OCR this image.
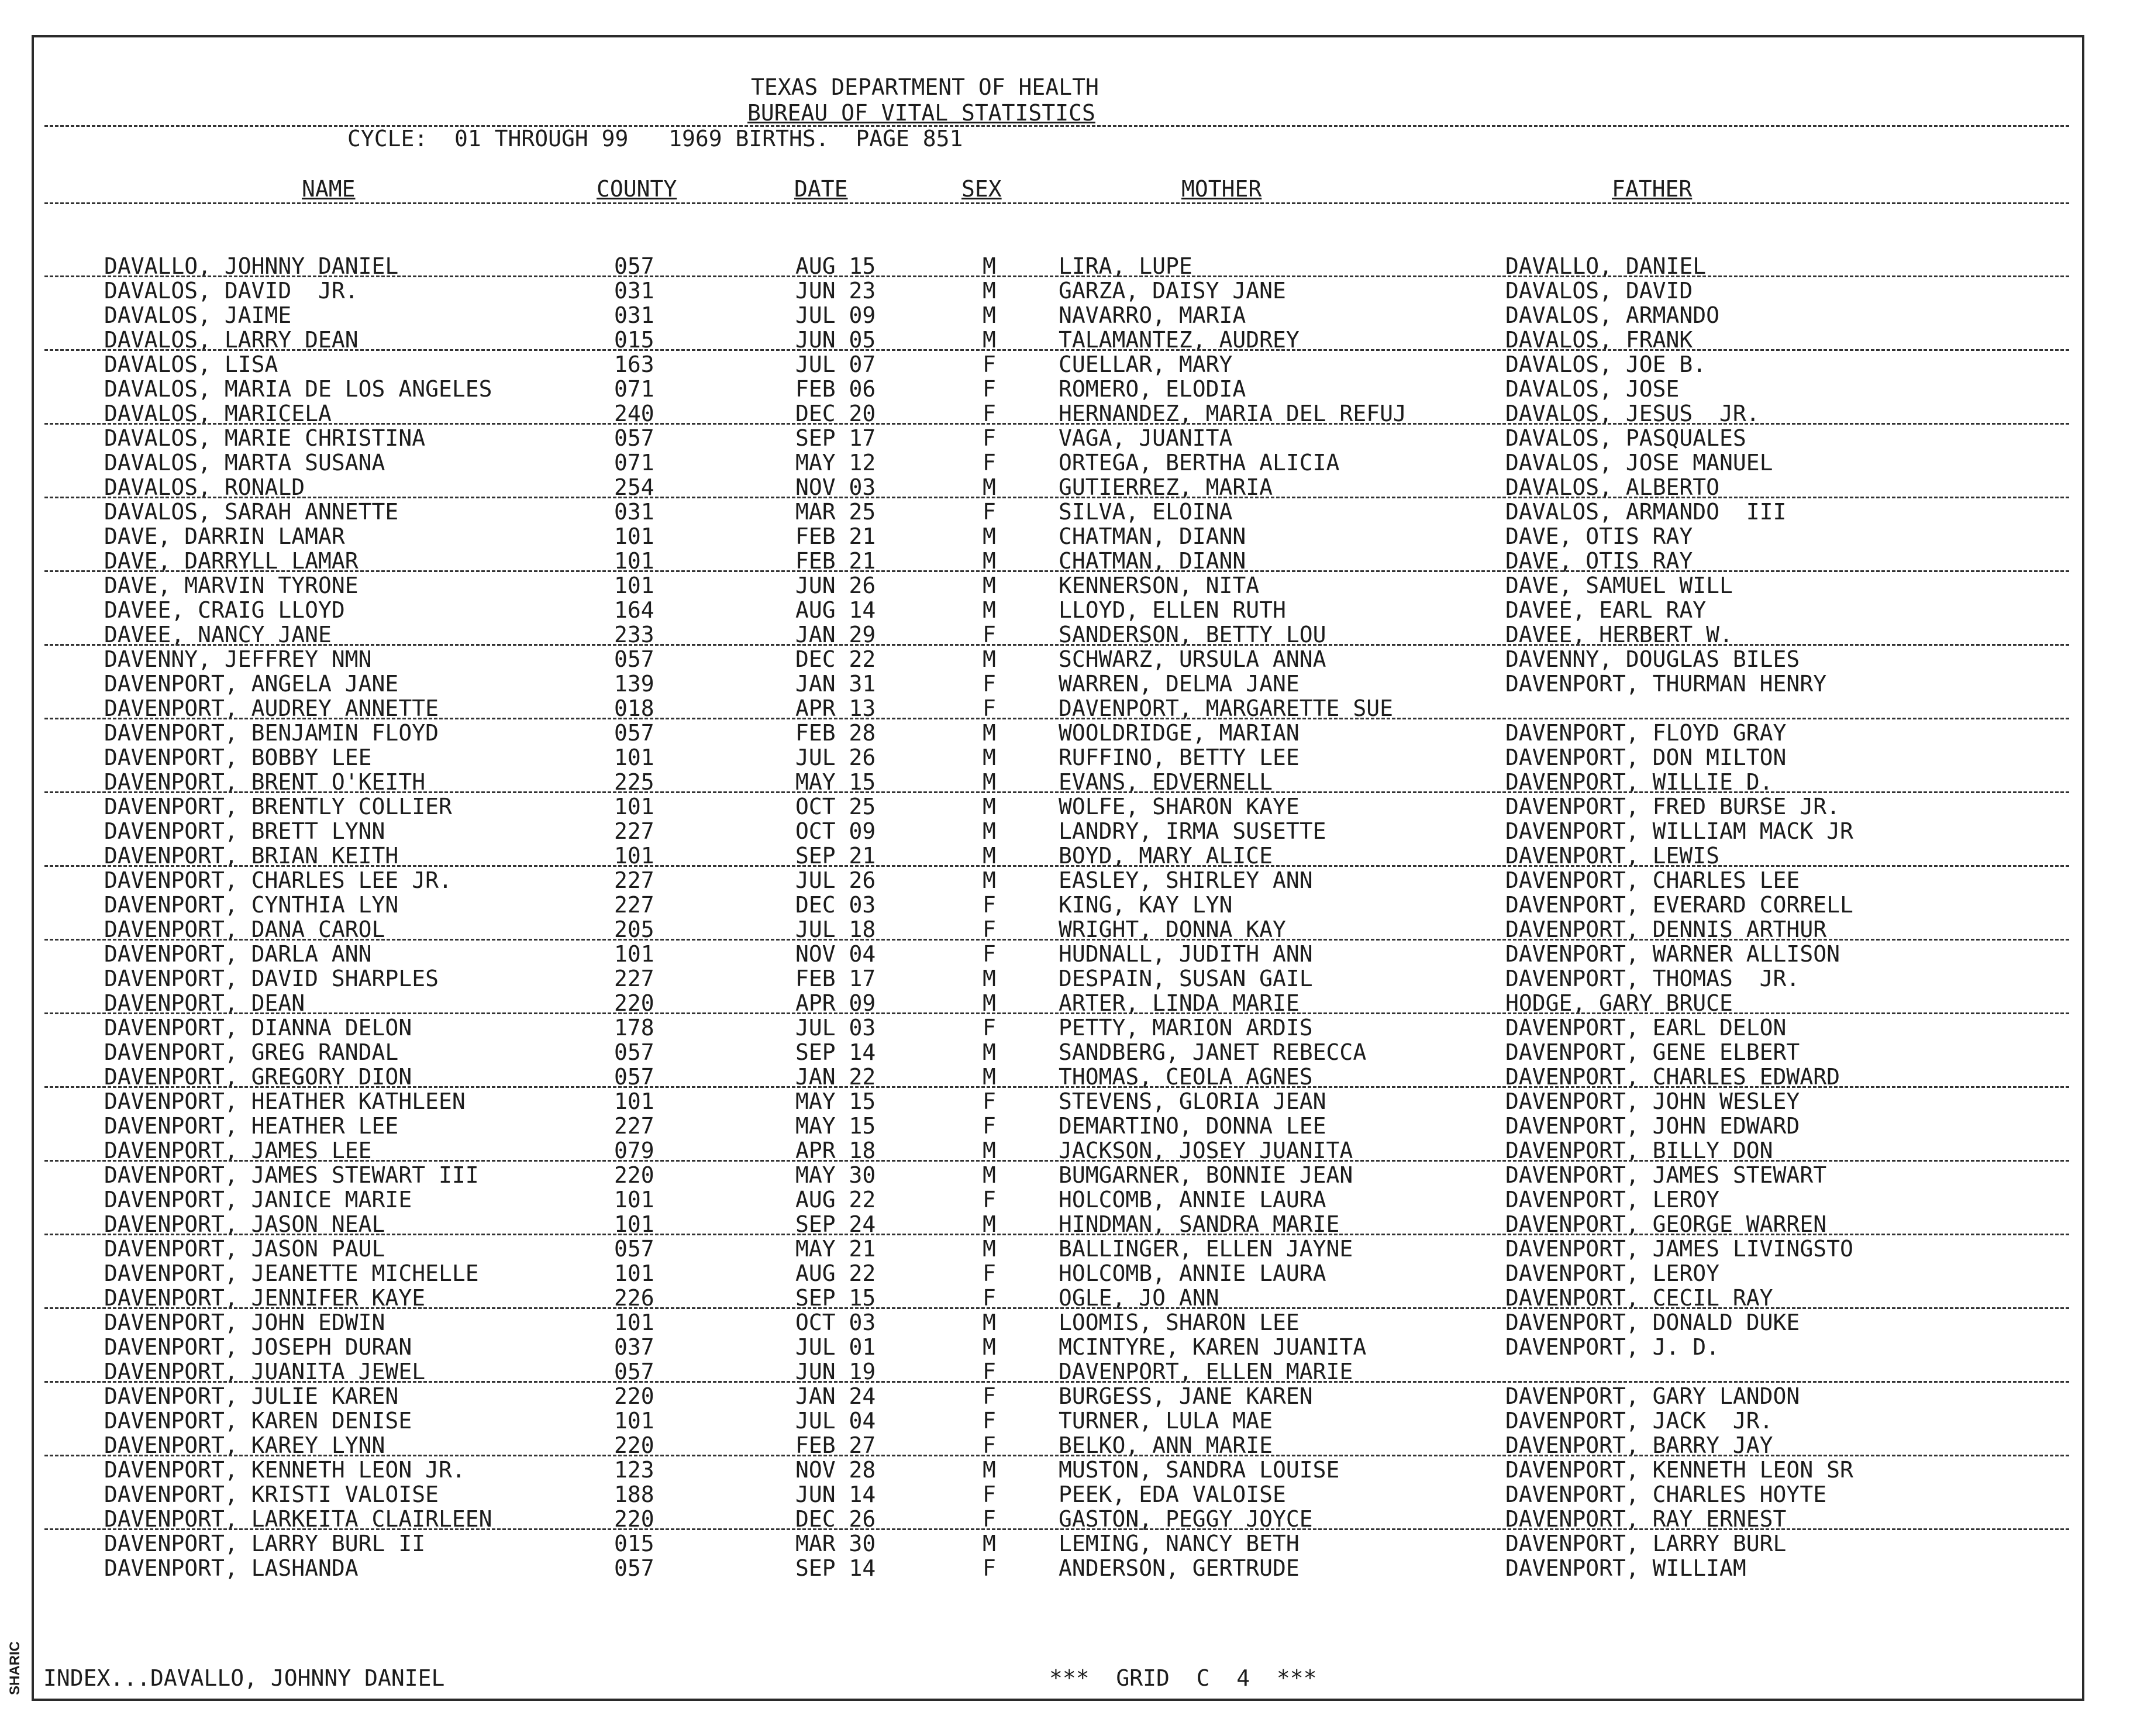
SHARIC
TEXAS DEPARTMENT OF HEALTH
BUREAU OF VITAL STATISTICS
CYCLE:  01 THROUGH 99   1969 BIRTHS.  PAGE 851
NAME	COUNTY	DATE	SEX	MOTHER	FATHER
DAVALLO, JOHNNY DANIEL	057	AUG 15	M	LIRA, LUPE	DAVALLO, DANIEL
DAVALOS, DAVID  JR.	031	JUN 23	M	GARZA, DAISY JANE	DAVALOS, DAVID
DAVALOS, JAIME	031	JUL 09	M	NAVARRO, MARIA	DAVALOS, ARMANDO
DAVALOS, LARRY DEAN	015	JUN 05	M	TALAMANTEZ, AUDREY	DAVALOS, FRANK
DAVALOS, LISA	163	JUL 07	F	CUELLAR, MARY	DAVALOS, JOE B.
DAVALOS, MARIA DE LOS ANGELES	071	FEB 06	F	ROMERO, ELODIA	DAVALOS, JOSE
DAVALOS, MARICELA	240	DEC 20	F	HERNANDEZ, MARIA DEL REFUJ	DAVALOS, JESUS  JR.
DAVALOS, MARIE CHRISTINA	057	SEP 17	F	VAGA, JUANITA	DAVALOS, PASQUALES
DAVALOS, MARTA SUSANA	071	MAY 12	F	ORTEGA, BERTHA ALICIA	DAVALOS, JOSE MANUEL
DAVALOS, RONALD	254	NOV 03	M	GUTIERREZ, MARIA	DAVALOS, ALBERTO
DAVALOS, SARAH ANNETTE	031	MAR 25	F	SILVA, ELOINA	DAVALOS, ARMANDO  III
DAVE, DARRIN LAMAR	101	FEB 21	M	CHATMAN, DIANN	DAVE, OTIS RAY
DAVE, DARRYLL LAMAR	101	FEB 21	M	CHATMAN, DIANN	DAVE, OTIS RAY
DAVE, MARVIN TYRONE	101	JUN 26	M	KENNERSON, NITA	DAVE, SAMUEL WILL
DAVEE, CRAIG LLOYD	164	AUG 14	M	LLOYD, ELLEN RUTH	DAVEE, EARL RAY
DAVEE, NANCY JANE	233	JAN 29	F	SANDERSON, BETTY LOU	DAVEE, HERBERT W.
DAVENNY, JEFFREY NMN	057	DEC 22	M	SCHWARZ, URSULA ANNA	DAVENNY, DOUGLAS BILES
DAVENPORT, ANGELA JANE	139	JAN 31	F	WARREN, DELMA JANE	DAVENPORT, THURMAN HENRY
DAVENPORT, AUDREY ANNETTE	018	APR 13	F	DAVENPORT, MARGARETTE SUE
DAVENPORT, BENJAMIN FLOYD	057	FEB 28	M	WOOLDRIDGE, MARIAN	DAVENPORT, FLOYD GRAY
DAVENPORT, BOBBY LEE	101	JUL 26	M	RUFFINO, BETTY LEE	DAVENPORT, DON MILTON
DAVENPORT, BRENT O'KEITH	225	MAY 15	M	EVANS, EDVERNELL	DAVENPORT, WILLIE D.
DAVENPORT, BRENTLY COLLIER	101	OCT 25	M	WOLFE, SHARON KAYE	DAVENPORT, FRED BURSE JR.
DAVENPORT, BRETT LYNN	227	OCT 09	M	LANDRY, IRMA SUSETTE	DAVENPORT, WILLIAM MACK JR
DAVENPORT, BRIAN KEITH	101	SEP 21	M	BOYD, MARY ALICE	DAVENPORT, LEWIS
DAVENPORT, CHARLES LEE JR.	227	JUL 26	M	EASLEY, SHIRLEY ANN	DAVENPORT, CHARLES LEE
DAVENPORT, CYNTHIA LYN	227	DEC 03	F	KING, KAY LYN	DAVENPORT, EVERARD CORRELL
DAVENPORT, DANA CAROL	205	JUL 18	F	WRIGHT, DONNA KAY	DAVENPORT, DENNIS ARTHUR
DAVENPORT, DARLA ANN	101	NOV 04	F	HUDNALL, JUDITH ANN	DAVENPORT, WARNER ALLISON
DAVENPORT, DAVID SHARPLES	227	FEB 17	M	DESPAIN, SUSAN GAIL	DAVENPORT, THOMAS  JR.
DAVENPORT, DEAN	220	APR 09	M	ARTER, LINDA MARIE	HODGE, GARY BRUCE
DAVENPORT, DIANNA DELON	178	JUL 03	F	PETTY, MARION ARDIS	DAVENPORT, EARL DELON
DAVENPORT, GREG RANDAL	057	SEP 14	M	SANDBERG, JANET REBECCA	DAVENPORT, GENE ELBERT
DAVENPORT, GREGORY DION	057	JAN 22	M	THOMAS, CEOLA AGNES	DAVENPORT, CHARLES EDWARD
DAVENPORT, HEATHER KATHLEEN	101	MAY 15	F	STEVENS, GLORIA JEAN	DAVENPORT, JOHN WESLEY
DAVENPORT, HEATHER LEE	227	MAY 15	F	DEMARTINO, DONNA LEE	DAVENPORT, JOHN EDWARD
DAVENPORT, JAMES LEE	079	APR 18	M	JACKSON, JOSEY JUANITA	DAVENPORT, BILLY DON
DAVENPORT, JAMES STEWART III	220	MAY 30	M	BUMGARNER, BONNIE JEAN	DAVENPORT, JAMES STEWART
DAVENPORT, JANICE MARIE	101	AUG 22	F	HOLCOMB, ANNIE LAURA	DAVENPORT, LEROY
DAVENPORT, JASON NEAL	101	SEP 24	M	HINDMAN, SANDRA MARIE	DAVENPORT, GEORGE WARREN
DAVENPORT, JASON PAUL	057	MAY 21	M	BALLINGER, ELLEN JAYNE	DAVENPORT, JAMES LIVINGSTO
DAVENPORT, JEANETTE MICHELLE	101	AUG 22	F	HOLCOMB, ANNIE LAURA	DAVENPORT, LEROY
DAVENPORT, JENNIFER KAYE	226	SEP 15	F	OGLE, JO ANN	DAVENPORT, CECIL RAY
DAVENPORT, JOHN EDWIN	101	OCT 03	M	LOOMIS, SHARON LEE	DAVENPORT, DONALD DUKE
DAVENPORT, JOSEPH DURAN	037	JUL 01	M	MCINTYRE, KAREN JUANITA	DAVENPORT, J. D.
DAVENPORT, JUANITA JEWEL	057	JUN 19	F	DAVENPORT, ELLEN MARIE
DAVENPORT, JULIE KAREN	220	JAN 24	F	BURGESS, JANE KAREN	DAVENPORT, GARY LANDON
DAVENPORT, KAREN DENISE	101	JUL 04	F	TURNER, LULA MAE	DAVENPORT, JACK  JR.
DAVENPORT, KAREY LYNN	220	FEB 27	F	BELKO, ANN MARIE	DAVENPORT, BARRY JAY
DAVENPORT, KENNETH LEON JR.	123	NOV 28	M	MUSTON, SANDRA LOUISE	DAVENPORT, KENNETH LEON SR
DAVENPORT, KRISTI VALOISE	188	JUN 14	F	PEEK, EDA VALOISE	DAVENPORT, CHARLES HOYTE
DAVENPORT, LARKEITA CLAIRLEEN	220	DEC 26	F	GASTON, PEGGY JOYCE	DAVENPORT, RAY ERNEST
DAVENPORT, LARRY BURL II	015	MAR 30	M	LEMING, NANCY BETH	DAVENPORT, LARRY BURL
DAVENPORT, LASHANDA	057	SEP 14	F	ANDERSON, GERTRUDE	DAVENPORT, WILLIAM
INDEX...DAVALLO, JOHNNY DANIEL	***  GRID  C  4  ***
